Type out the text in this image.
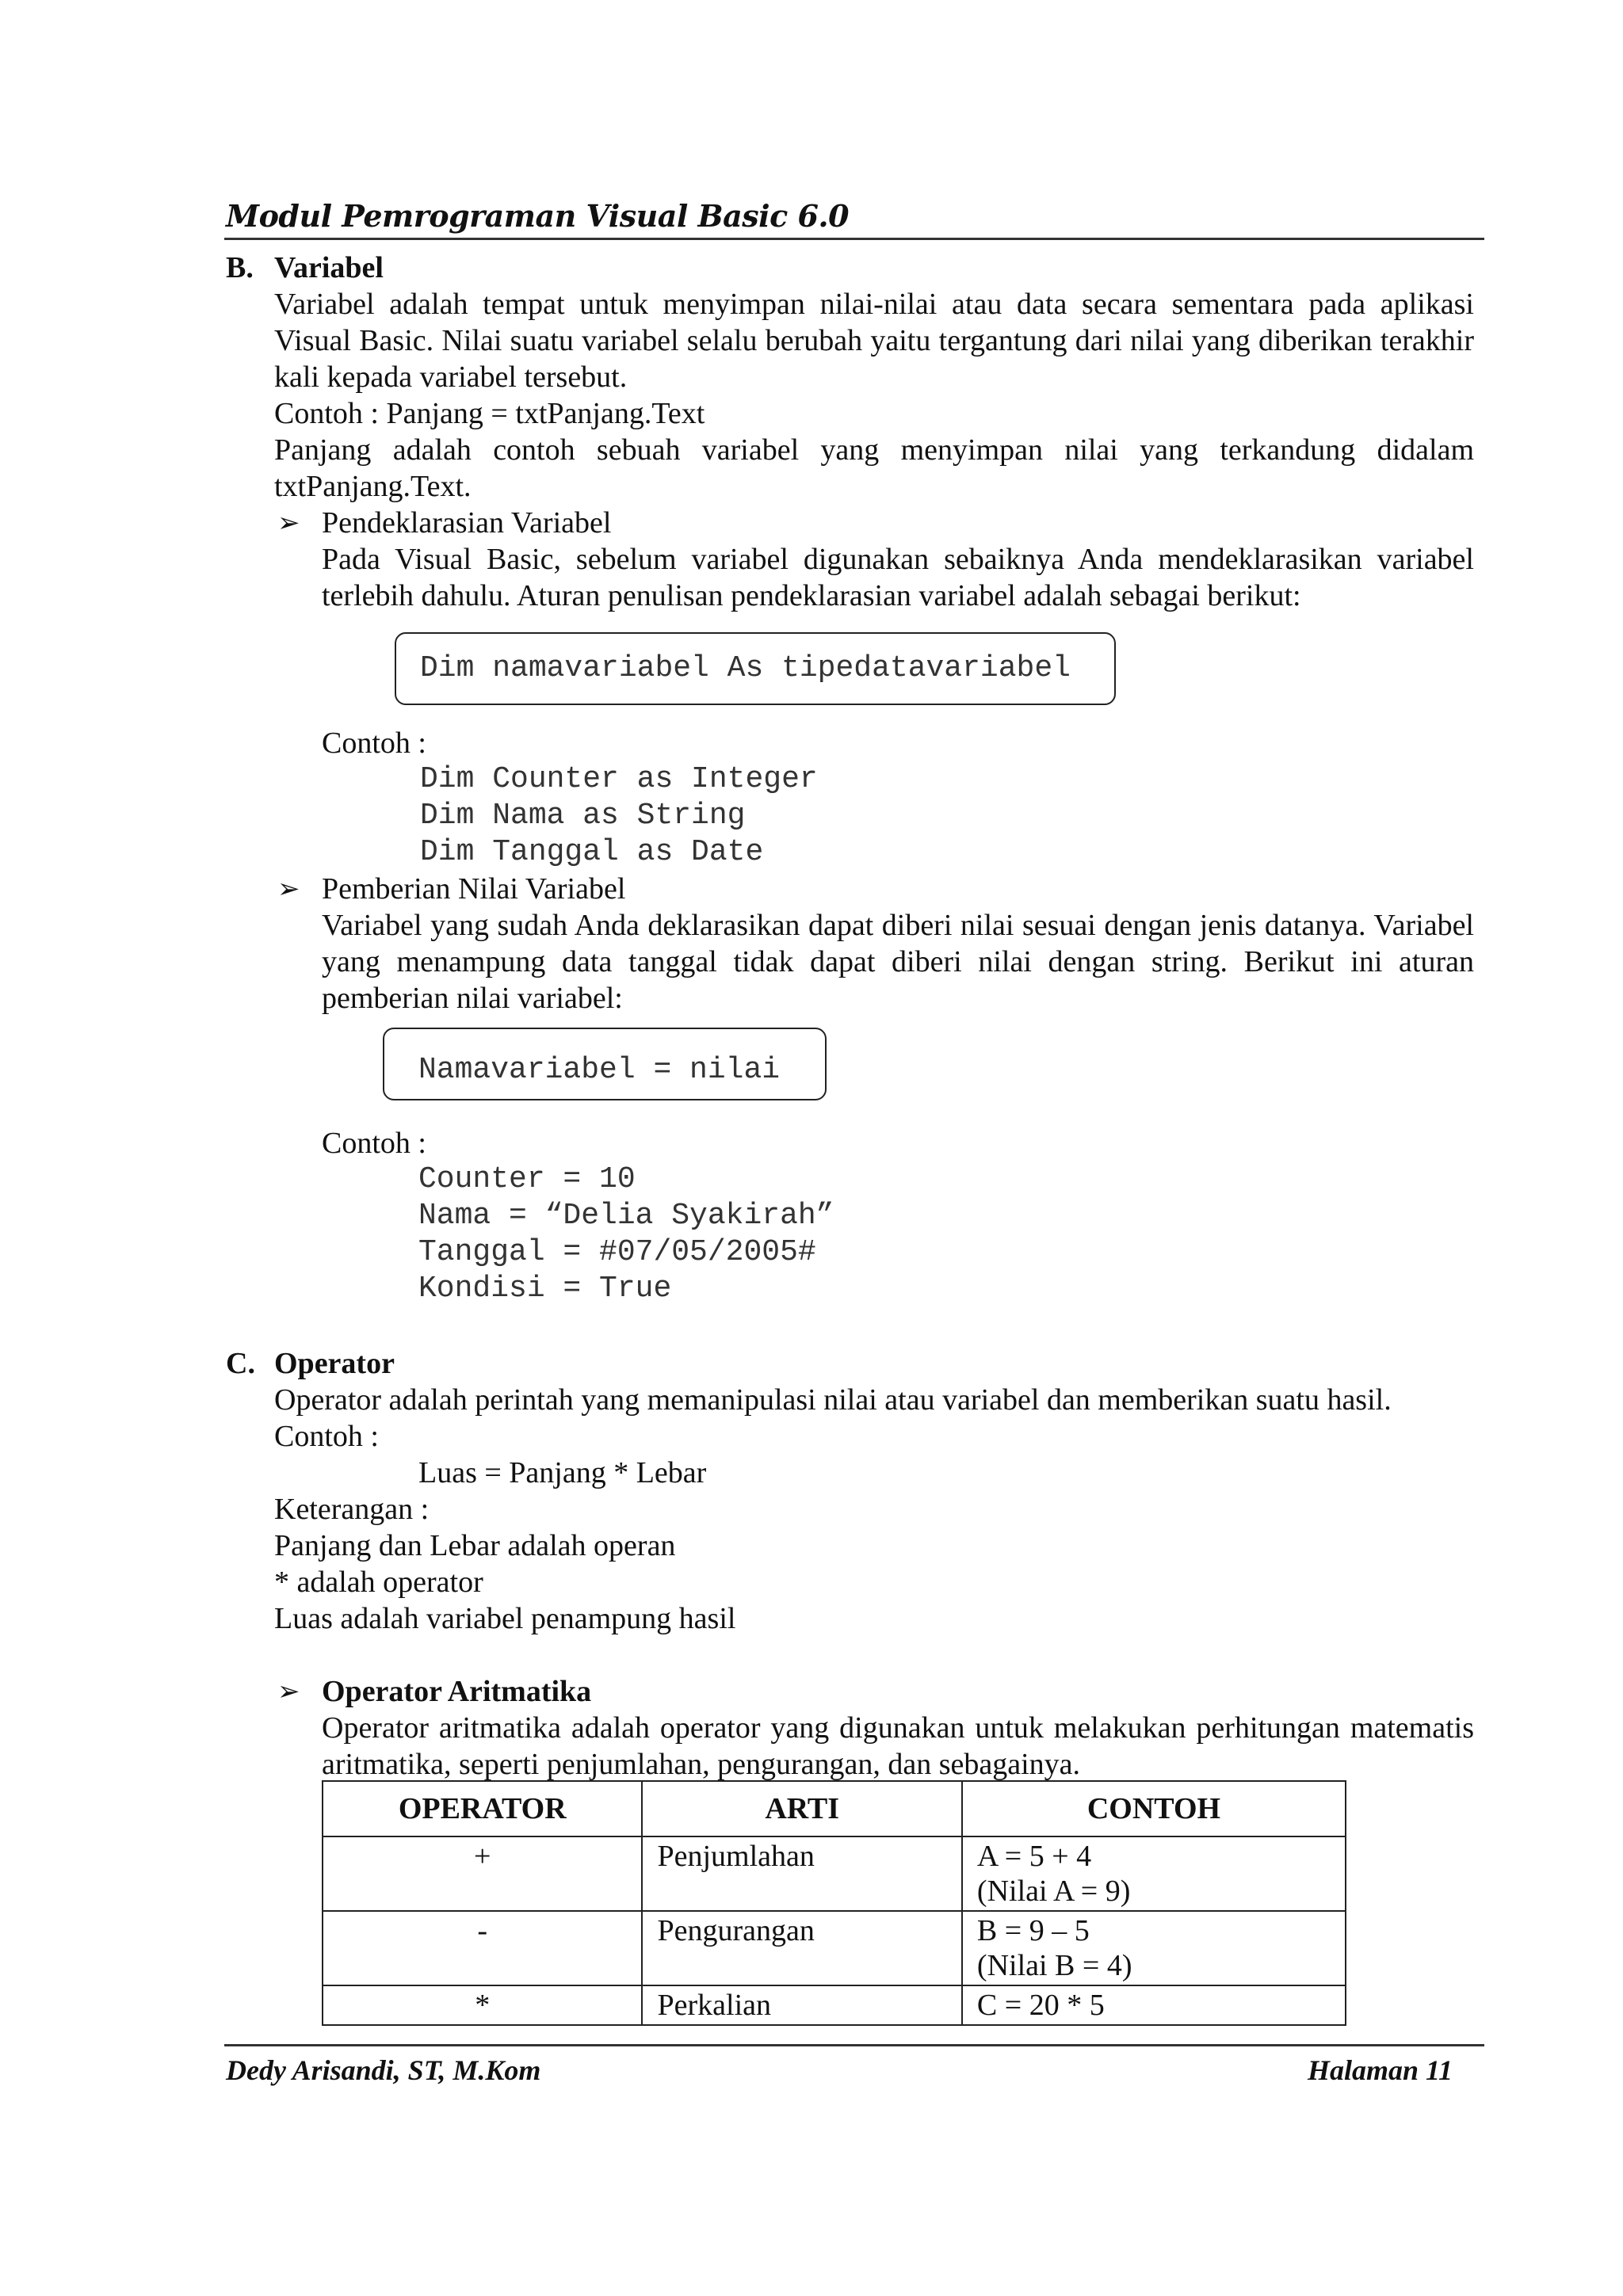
Modul Pemrograman Visual Basic 6.0
B. Variabel
Variabel adalah tempat untuk menyimpan nilai-nilai atau data secara sementara pada aplikasi Visual Basic. Nilai suatu variabel selalu berubah yaitu tergantung dari nilai yang diberikan terakhir kali kepada variabel tersebut.
Contoh : Panjang = txtPanjang.Text
Panjang adalah contoh sebuah variabel yang menyimpan nilai yang terkandung didalam txtPanjang.Text.
➢ Pendeklarasian Variabel
Pada Visual Basic, sebelum variabel digunakan sebaiknya Anda mendeklarasikan variabel terlebih dahulu. Aturan penulisan pendeklarasian variabel adalah sebagai berikut:
Dim namavariabel As tipedatavariabel
Contoh :
Dim Counter as Integer
Dim Nama as String
Dim Tanggal as Date
➢ Pemberian Nilai Variabel
Variabel yang sudah Anda deklarasikan dapat diberi nilai sesuai dengan jenis datanya. Variabel yang menampung data tanggal tidak dapat diberi nilai dengan string. Berikut ini aturan pemberian nilai variabel:
Namavariabel = nilai
Contoh :
Counter = 10
Nama = “Delia Syakirah”
Tanggal = #07/05/2005#
Kondisi = True
C. Operator
Operator adalah perintah yang memanipulasi nilai atau variabel dan memberikan suatu hasil.
Contoh :
Luas = Panjang * Lebar
Keterangan :
Panjang dan Lebar adalah operan
* adalah operator
Luas adalah variabel penampung hasil
➢ Operator Aritmatika
Operator aritmatika adalah operator yang digunakan untuk melakukan perhitungan matematis aritmatika, seperti penjumlahan, pengurangan, dan sebagainya.
OPERATOR	ARTI	CONTOH
+	Penjumlahan	A = 5 + 4
(Nilai A = 9)

-	Pengurangan	B = 9 – 5
(Nilai B = 4)

*	Perkalian	C = 20 * 5
Dedy Arisandi, ST, M.Kom	Halaman 11
